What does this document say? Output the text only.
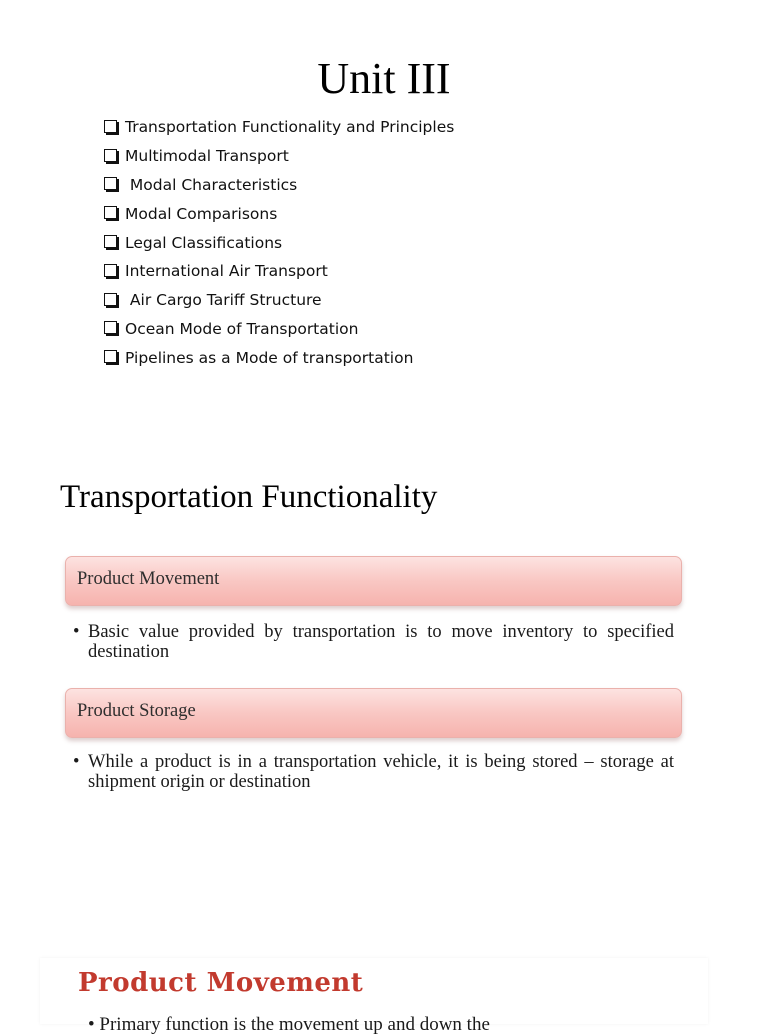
Unit III
Transportation Functionality and Principles
Multimodal Transport
Modal Characteristics
Modal Comparisons
Legal Classifications
International Air Transport
Air Cargo Tariff Structure
Ocean Mode of Transportation
Pipelines as a Mode of transportation
Transportation Functionality
Product Movement
• Basic value provided by transportation is to move inventory to specified destination
Product Storage
• While a product is in a transportation vehicle, it is being stored – storage at shipment origin or destination
Product Movement
• Primary function is the movement up and down the
